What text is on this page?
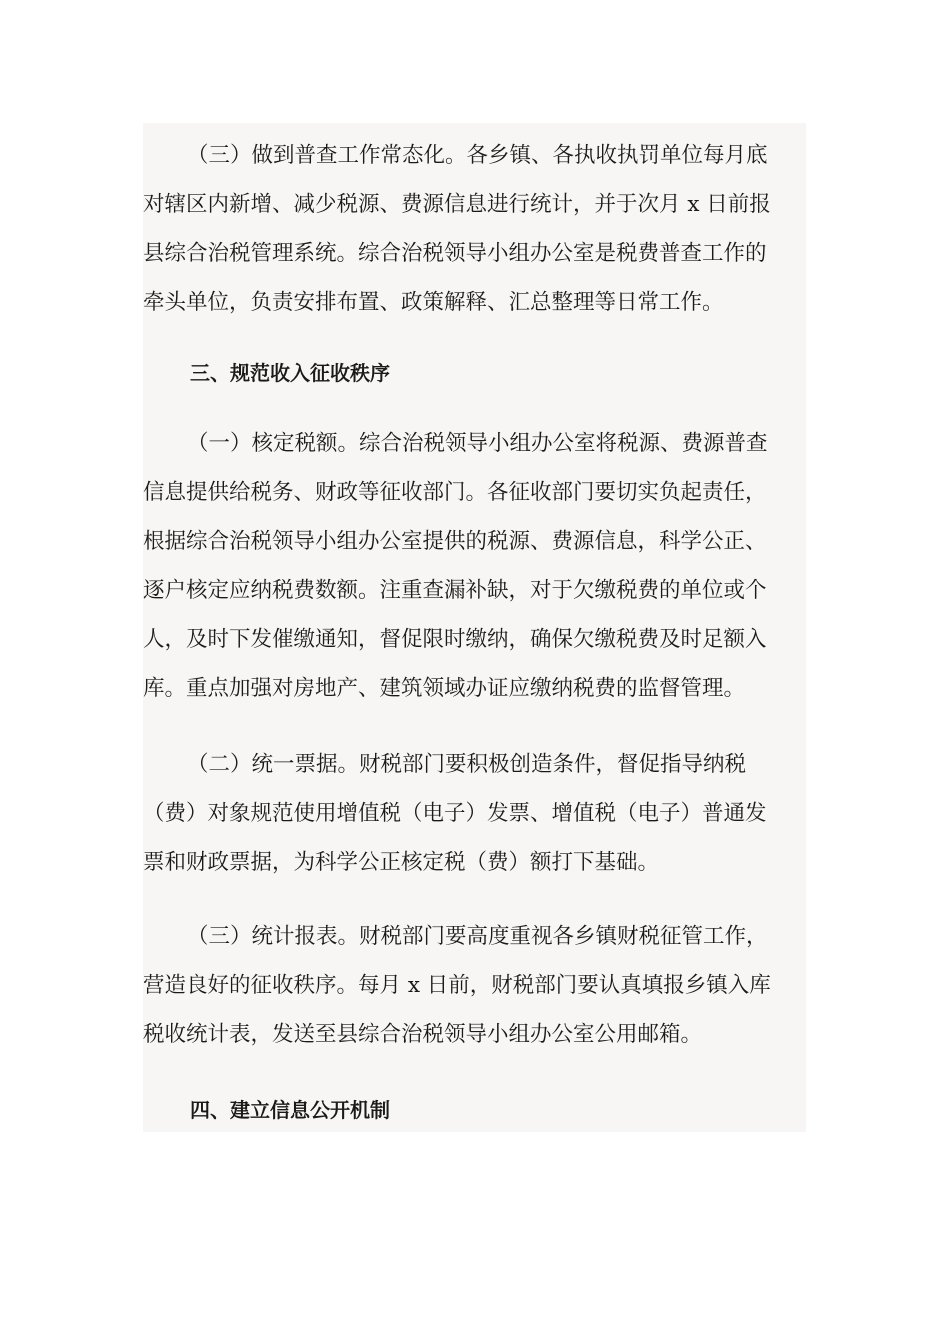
（三）做到普查工作常态化。各乡镇、各执收执罚单位每月底
对辖区内新增、减少税源、费源信息进行统计，并于次月 x 日前报
县综合治税管理系统。综合治税领导小组办公室是税费普查工作的
牵头单位，负责安排布置、政策解释、汇总整理等日常工作。
三、规范收入征收秩序
（一）核定税额。综合治税领导小组办公室将税源、费源普查
信息提供给税务、财政等征收部门。各征收部门要切实负起责任，
根据综合治税领导小组办公室提供的税源、费源信息，科学公正、
逐户核定应纳税费数额。注重查漏补缺，对于欠缴税费的单位或个
人，及时下发催缴通知，督促限时缴纳，确保欠缴税费及时足额入
库。重点加强对房地产、建筑领域办证应缴纳税费的监督管理。
（二）统一票据。财税部门要积极创造条件，督促指导纳税
（费）对象规范使用增值税（电子）发票、增值税（电子）普通发
票和财政票据，为科学公正核定税（费）额打下基础。
（三）统计报表。财税部门要高度重视各乡镇财税征管工作，
营造良好的征收秩序。每月 x 日前，财税部门要认真填报乡镇入库
税收统计表，发送至县综合治税领导小组办公室公用邮箱。
四、建立信息公开机制
